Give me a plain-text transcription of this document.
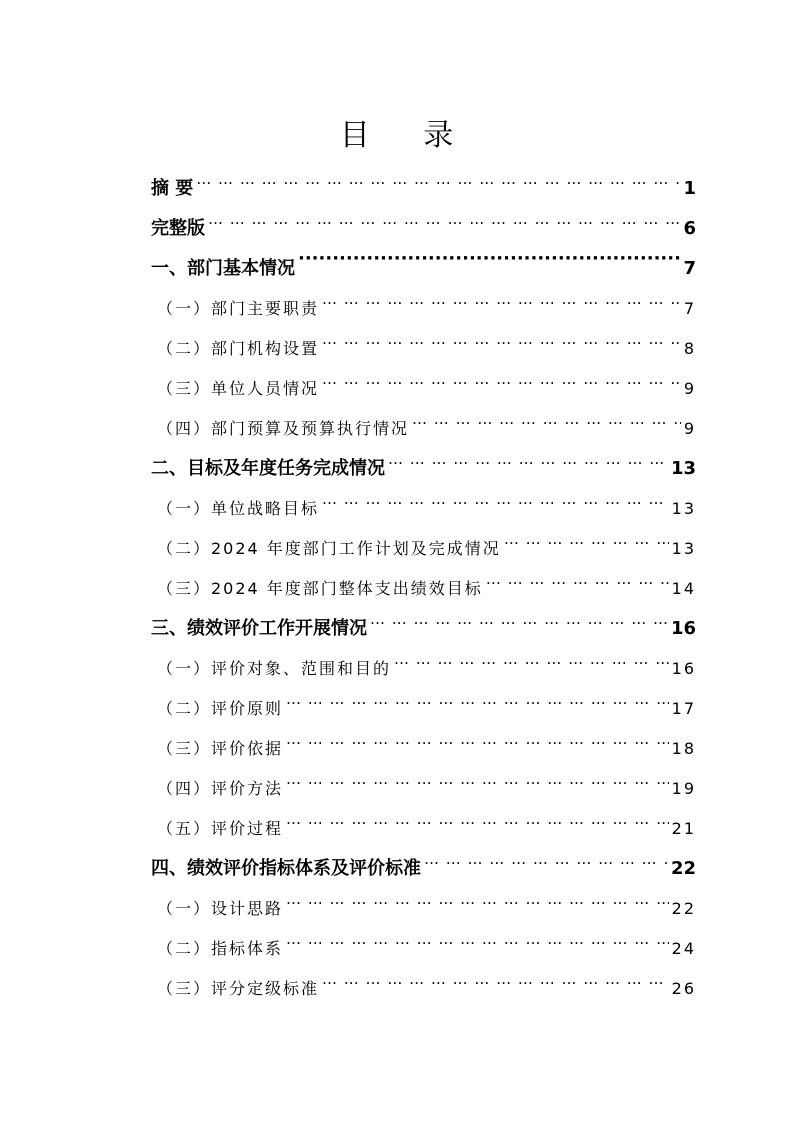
目 录
摘 要 … … … … … … … … … … … … … … … … … … … … … … … … … … … … … … … … … … … … … … … … … …	1
完整版 … … … … … … … … … … … … … … … … … … … … … … … … … … … … … … … … … … … … … … … … … …	6
一、部门基本情况 ·····	7
（一）部门主要职责 … … … … … … … … … … … … … … … … … … … … … … … … … … … … … … … … … … … … … … … … … …	7
（二）部门机构设置 … … … … … … … … … … … … … … … … … … … … … … … … … … … … … … … … … … … … … … … … … …	8
（三）单位人员情况 … … … … … … … … … … … … … … … … … … … … … … … … … … … … … … … … … … … … … … … … … …	9
（四）部门预算及预算执行情况 … … … … … … … … … … … … … … … … … … … … … … … … … … … … … … … … … … … … … … … … … …	9
二、目标及年度任务完成情况 … … … … … … … … … … … … … … … … … … … … … … … … … … … … … … … … … … … … … … … … … …	13
（一）单位战略目标 … … … … … … … … … … … … … … … … … … … … … … … … … … … … … … … … … … … … … … … … … …	13
（二）2024 年度部门工作计划及完成情况 … … … … … … … … … … … … … … … … … … … … … … … … … … … … … … … … … … … … … … … … … …	13
（三）2024 年度部门整体支出绩效目标 … … … … … … … … … … … … … … … … … … … … … … … … … … … … … … … … … … … … … … … … … …	14
三、绩效评价工作开展情况 … … … … … … … … … … … … … … … … … … … … … … … … … … … … … … … … … … … … … … … … … …	16
（一）评价对象、范围和目的 … … … … … … … … … … … … … … … … … … … … … … … … … … … … … … … … … … … … … … … … … …	16
（二）评价原则 … … … … … … … … … … … … … … … … … … … … … … … … … … … … … … … … … … … … … … … … … …	17
（三）评价依据 … … … … … … … … … … … … … … … … … … … … … … … … … … … … … … … … … … … … … … … … … …	18
（四）评价方法 … … … … … … … … … … … … … … … … … … … … … … … … … … … … … … … … … … … … … … … … … …	19
（五）评价过程 … … … … … … … … … … … … … … … … … … … … … … … … … … … … … … … … … … … … … … … … … …	21
四、绩效评价指标体系及评价标准 … … … … … … … … … … … … … … … … … … … … … … … … … … … … … … … … … … … … … … … … … …	22
（一）设计思路 … … … … … … … … … … … … … … … … … … … … … … … … … … … … … … … … … … … … … … … … … …	22
（二）指标体系 … … … … … … … … … … … … … … … … … … … … … … … … … … … … … … … … … … … … … … … … … …	24
（三）评分定级标准 … … … … … … … … … … … … … … … … … … … … … … … … … … … … … … … … … … … … … … … … … …	26
